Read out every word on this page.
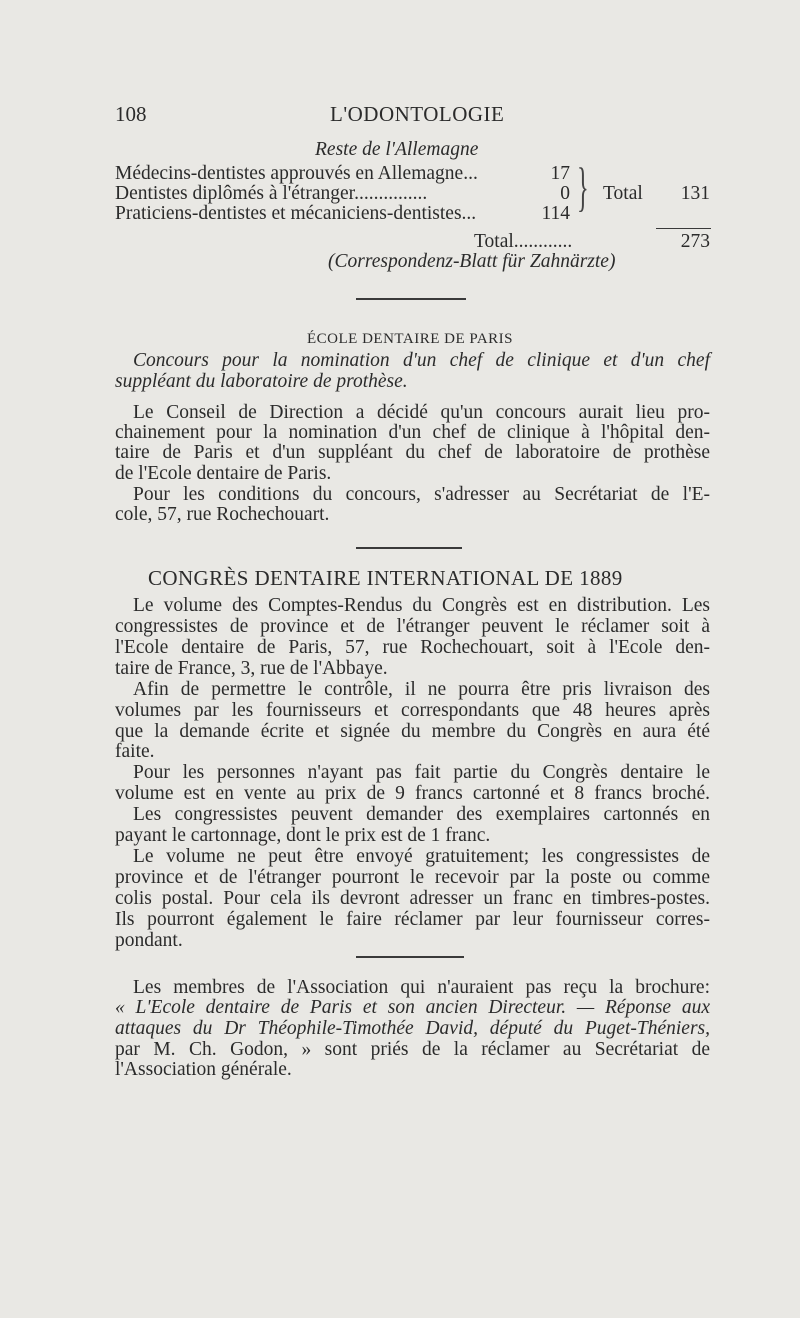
108	L'ODONTOLOGIE
Reste de l'Allemagne
Médecins-dentistes approuvés en Allemagne...	17
Dentistes diplômés à l'étranger...............	0
Praticiens-dentistes et mécaniciens-dentistes...	114 } Total	131
Total............	273
(Correspondenz-Blatt für Zahnärzte)
ÉCOLE DENTAIRE DE PARIS
Concours pour la nomination d'un chef de clinique et d'un chef
suppléant du laboratoire de prothèse.
Le Conseil de Direction a décidé qu'un concours aurait lieu pro-
chainement pour la nomination d'un chef de clinique à l'hôpital den-
taire de Paris et d'un suppléant du chef de laboratoire de prothèse
de l'Ecole dentaire de Paris.
Pour les conditions du concours, s'adresser au Secrétariat de l'E-
cole, 57, rue Rochechouart.
CONGRÈS DENTAIRE INTERNATIONAL DE 1889
Le volume des Comptes-Rendus du Congrès est en distribution. Les
congressistes de province et de l'étranger peuvent le réclamer soit à
l'Ecole dentaire de Paris, 57, rue Rochechouart, soit à l'Ecole den-
taire de France, 3, rue de l'Abbaye.
Afin de permettre le contrôle, il ne pourra être pris livraison des
volumes par les fournisseurs et correspondants que 48 heures après
que la demande écrite et signée du membre du Congrès en aura été
faite.
Pour les personnes n'ayant pas fait partie du Congrès dentaire le
volume est en vente au prix de 9 francs cartonné et 8 francs broché.
Les congressistes peuvent demander des exemplaires cartonnés en
payant le cartonnage, dont le prix est de 1 franc.
Le volume ne peut être envoyé gratuitement; les congressistes de
province et de l'étranger pourront le recevoir par la poste ou comme
colis postal. Pour cela ils devront adresser un franc en timbres-postes.
Ils pourront également le faire réclamer par leur fournisseur corres-
pondant.
Les membres de l'Association qui n'auraient pas reçu la brochure:
« L'Ecole dentaire de Paris et son ancien Directeur. — Réponse aux
attaques du Dr Théophile-Timothée David, député du Puget-Théniers,
par M. Ch. Godon, » sont priés de la réclamer au Secrétariat de
l'Association générale.
